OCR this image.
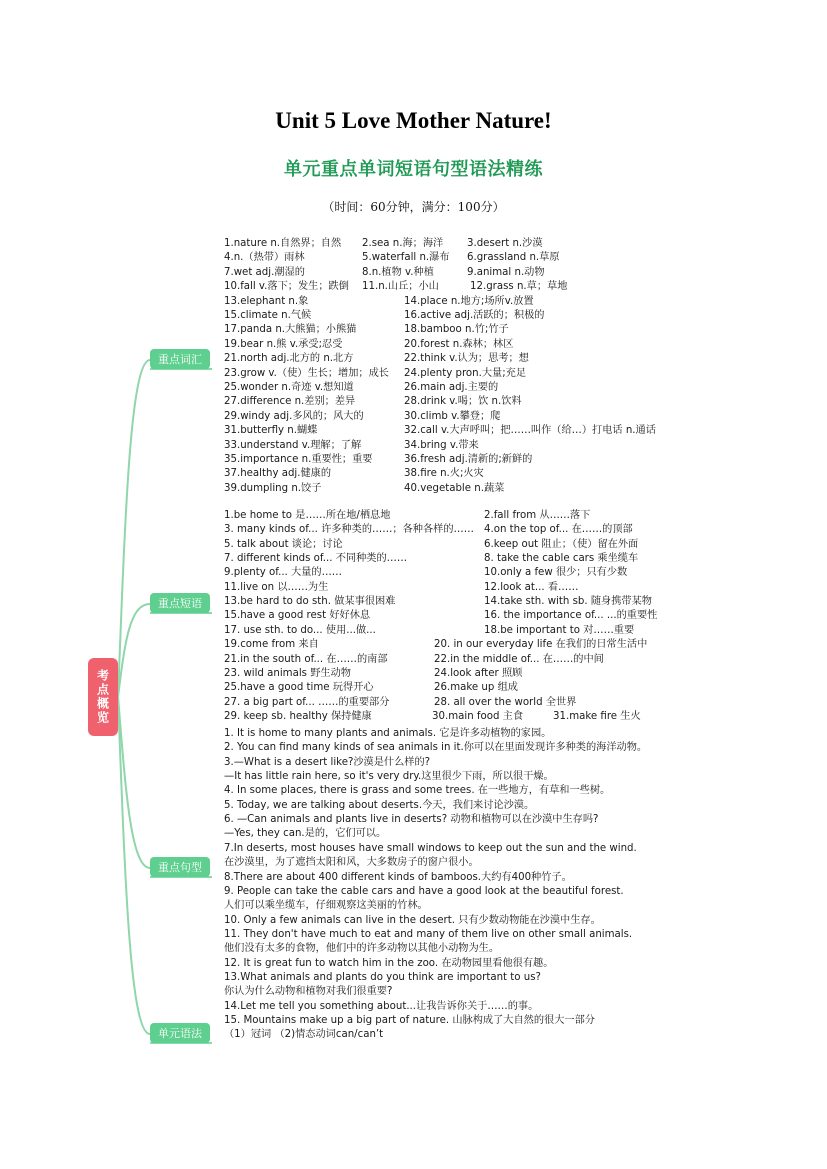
Unit 5 Love Mother Nature!
单元重点单词短语句型语法精练
（时间：60分钟，满分：100分）
考点概览
重点词汇
重点短语
重点句型
单元语法
1.nature n.自然界；自然 2.sea n.海；海洋 3.desert n.沙漠
4.n.（热带）雨林	5.waterfall n.瀑布 6.grassland n.草原
7.wet adj.潮湿的	8.n.植物 v.种植	9.animal n.动物
10.fall v.落下；发生；跌倒 11.n.山丘；小山	12.grass n.草；草地
13.elephant n.象	14.place n.地方;场所v.放置
15.climate n.气候	16.active adj.活跃的；积极的
17.panda n.大熊猫；小熊猫	18.bamboo n.竹;竹子
19.bear n.熊 v.承受;忍受	20.forest n.森林；林区
21.north adj.北方的 n.北方	22.think v.认为；思考；想
23.grow v.（使）生长；增加；成长 24.plenty pron.大量;充足
25.wonder n.奇迹 v.想知道	26.main adj.主要的
27.difference n.差别；差异	28.drink v.喝；饮 n.饮料
29.windy adj.多风的；风大的	30.climb v.攀登；爬
31.butterfly n.蝴蝶	32.call v.大声呼叫；把……叫作（给…）打电话 n.通话
33.understand v.理解；了解	34.bring v.带来
35.importance n.重要性；重要	36.fresh adj.清新的;新鲜的
37.healthy adj.健康的	38.fire n.火;火灾
39.dumpling n.饺子	40.vegetable n.蔬菜
1.be home to 是……所在地/栖息地	2.fall from 从……落下
3. many kinds of... 许多种类的……；各种各样的…… 4.on the top of... 在……的顶部
5. talk about 谈论；讨论	6.keep out 阻止；（使）留在外面
7. different kinds of... 不同种类的……	8. take the cable cars 乘坐缆车
9.plenty of... 大量的……	10.only a few 很少；只有少数
11.live on 以……为生	12.look at... 看……
13.be hard to do sth. 做某事很困难	14.take sth. with sb. 随身携带某物
15.have a good rest 好好休息	16. the importance of... ...的重要性
17. use sth. to do... 使用...做...	18.be important to 对……重要
19.come from 来自	20. in our everyday life 在我们的日常生活中
21.in the south of... 在……的南部	22.in the middle of... 在……的中间
23. wild animals 野生动物	24.look after 照顾
25.have a good time 玩得开心	26.make up 组成
27. a big part of... ……的重要部分	28. all over the world 全世界
29. keep sb. healthy 保持健康	30.main food 主食	31.make fire 生火
1. It is home to many plants and animals. 它是许多动植物的家园。
2. You can find many kinds of sea animals in it.你可以在里面发现许多种类的海洋动物。
3.—What is a desert like?沙漠是什么样的?
—It has little rain here, so it's very dry.这里很少下雨，所以很干燥。
4. In some places, there is grass and some trees. 在一些地方，有草和一些树。
5. Today, we are talking about deserts.今天，我们来讨论沙漠。
6. —Can animals and plants live in deserts? 动物和植物可以在沙漠中生存吗?
—Yes, they can.是的，它们可以。
7.In deserts, most houses have small windows to keep out the sun and the wind.
在沙漠里，为了遮挡太阳和风，大多数房子的窗户很小。
8.There are about 400 different kinds of bamboos.大约有400种竹子。
9. People can take the cable cars and have a good look at the beautiful forest.
人们可以乘坐缆车，仔细观察这美丽的竹林。
10. Only a few animals can live in the desert. 只有少数动物能在沙漠中生存。
11. They don't have much to eat and many of them live on other small animals.
他们没有太多的食物，他们中的许多动物以其他小动物为生。
12. It is great fun to watch him in the zoo. 在动物园里看他很有趣。
13.What animals and plants do you think are important to us?
你认为什么动物和植物对我们很重要?
14.Let me tell you something about...让我告诉你关于……的事。
15. Mountains make up a big part of nature. 山脉构成了大自然的很大一部分
（1）冠词 （2)情态动词can/can’t
